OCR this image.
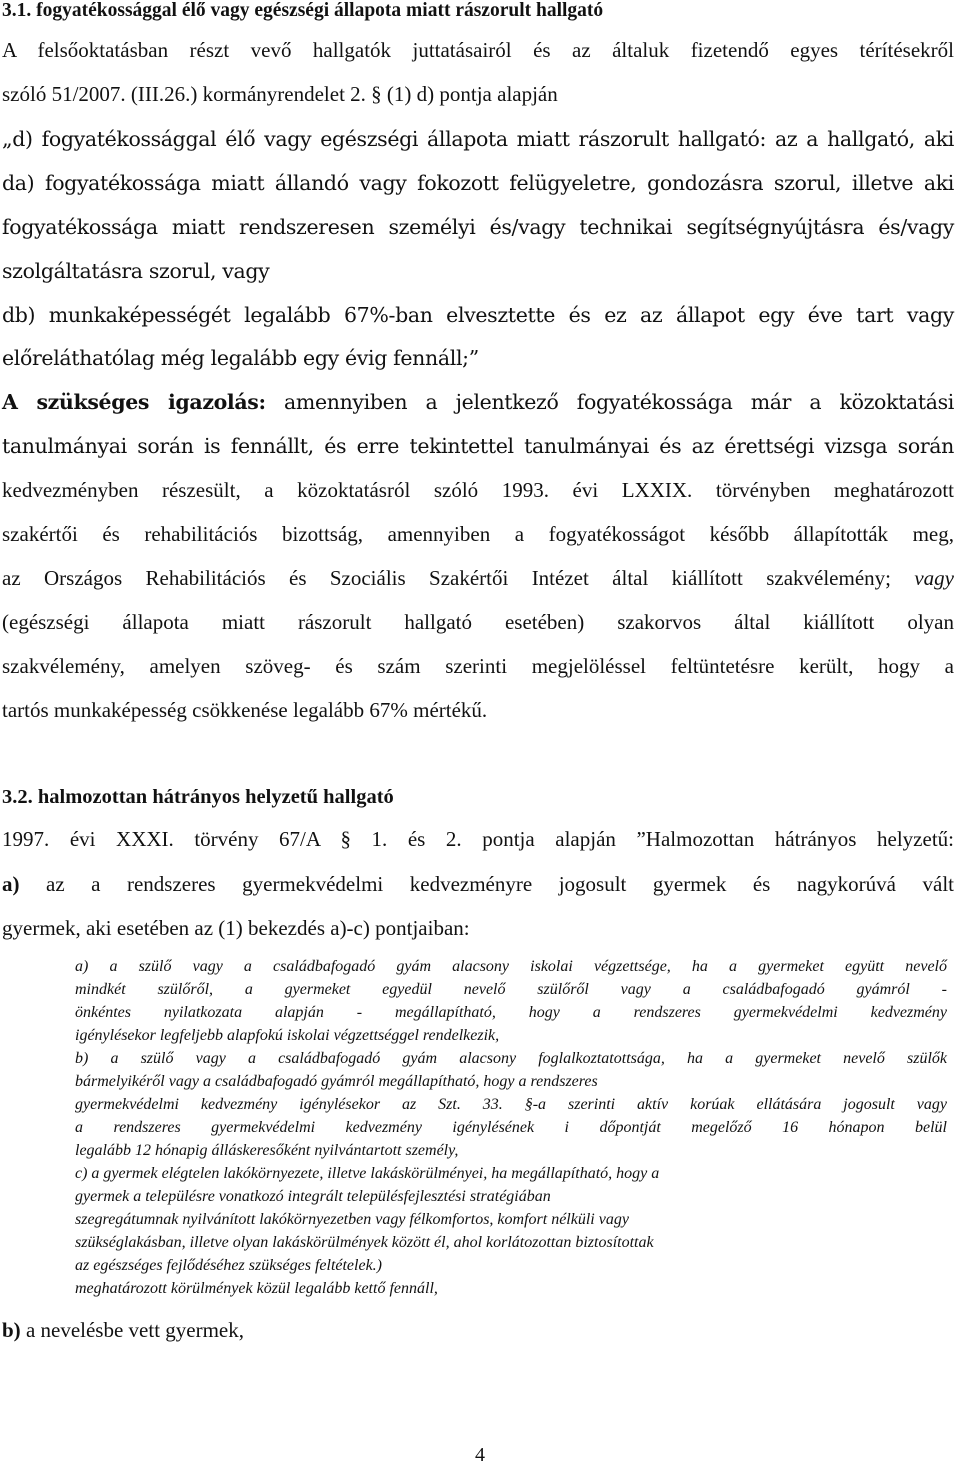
3.1. fogyatékossággal élő vagy egészségi állapota miatt rászorult hallgató
A felsőoktatásban részt vevő hallgatók juttatásairól és az általuk fizetendő egyes térítésekről
szóló 51/2007. (III.26.) kormányrendelet 2. § (1) d) pontja alapján
„d) fogyatékossággal élő vagy egészségi állapota miatt rászorult hallgató: az a hallgató, aki
da) fogyatékossága miatt állandó vagy fokozott felügyeletre, gondozásra szorul, illetve aki
fogyatékossága miatt rendszeresen személyi és/vagy technikai segítségnyújtásra és/vagy
szolgáltatásra szorul, vagy
db) munkaképességét legalább 67%-ban elvesztette és ez az állapot egy éve tart vagy
előreláthatólag még legalább egy évig fennáll;”
A szükséges igazolás: amennyiben a jelentkező fogyatékossága már a közoktatási
tanulmányai során is fennállt, és erre tekintettel tanulmányai és az érettségi vizsga során
kedvezményben részesült, a közoktatásról szóló 1993. évi LXXIX. törvényben meghatározott
szakértői és rehabilitációs bizottság, amennyiben a fogyatékosságot később állapították meg,
az Országos Rehabilitációs és Szociális Szakértői Intézet által kiállított szakvélemény; vagy
(egészségi állapota miatt rászorult hallgató esetében) szakorvos által kiállított olyan
szakvélemény, amelyen szöveg- és szám szerinti megjelöléssel feltüntetésre került, hogy a
tartós munkaképesség csökkenése legalább 67% mértékű.
3.2. halmozottan hátrányos helyzetű hallgató
1997. évi XXXI. törvény 67/A § 1. és 2. pontja alapján ”Halmozottan hátrányos helyzetű:
a) az a rendszeres gyermekvédelmi kedvezményre jogosult gyermek és nagykorúvá vált
gyermek, aki esetében az (1) bekezdés a)-c) pontjaiban:
a) a szülő vagy a családbafogadó gyám alacsony iskolai végzettsége, ha a gyermeket együtt nevelő
mindkét szülőről, a gyermeket egyedül nevelő szülőről vagy a családbafogadó gyámról -
önkéntes nyilatkozata alapján - megállapítható, hogy a rendszeres gyermekvédelmi kedvezmény
igénylésekor legfeljebb alapfokú iskolai végzettséggel rendelkezik,
b) a szülő vagy a családbafogadó gyám alacsony foglalkoztatottsága, ha a gyermeket nevelő szülők
bármelyikéről vagy a családbafogadó gyámról megállapítható, hogy a rendszeres
gyermekvédelmi kedvezmény igénylésekor az Szt. 33. §-a szerinti aktív korúak ellátására jogosult vagy
a rendszeres gyermekvédelmi kedvezmény igénylésének i dőpontját megelőző 16 hónapon belül
legalább 12 hónapig álláskeresőként nyilvántartott személy,
c) a gyermek elégtelen lakókörnyezete, illetve lakáskörülményei, ha megállapítható, hogy a
gyermek a településre vonatkozó integrált településfejlesztési stratégiában
szegregátumnak nyilvánított lakókörnyezetben vagy félkomfortos, komfort nélküli vagy
szükséglakásban, illetve olyan lakáskörülmények között él, ahol korlátozottan biztosítottak
az egészséges fejlődéséhez szükséges feltételek.)
meghatározott körülmények közül legalább kettő fennáll,
b) a nevelésbe vett gyermek,
4
